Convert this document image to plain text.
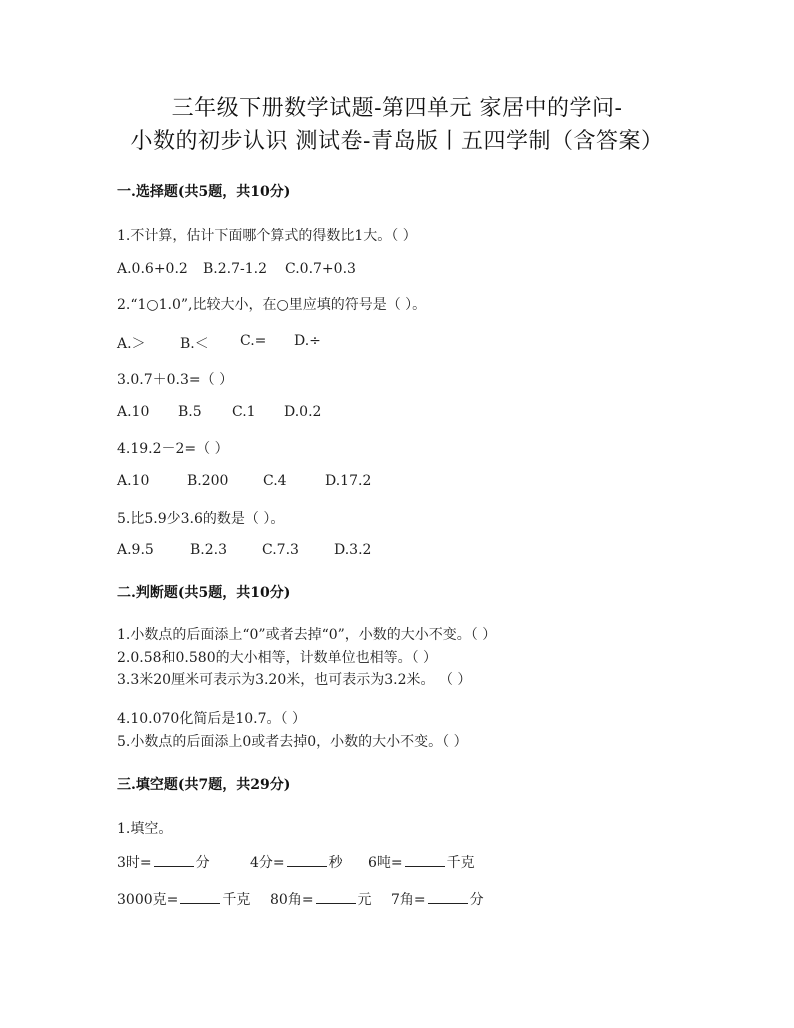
三年级下册数学试题-第四单元 家居中的学问-
小数的初步认识 测试卷-青岛版丨五四学制（含答案）
一.选择题(共5题，共10分)
1.不计算，估计下面哪个算式的得数比1大。（ ）
A.0.6+0.2 B.2.7-1.2 C.0.7+0.3
2.“1○1.0”,比较大小，在○里应填的符号是（ ）。
A.＞ B.＜ C.= D.÷
3.0.7＋0.3=（ ）
A.10 B.5 C.1 D.0.2
4.19.2－2=（ ）
A.10	B.200 C.4	D.17.2
5.比5.9少3.6的数是（ ）。
A.9.5	B.2.3 C.7.3	D.3.2
二.判断题(共5题，共10分)
1.小数点的后面添上“0”或者去掉“0”，小数的大小不变。（ ）
2.0.58和0.580的大小相等，计数单位也相等。（ ）
3.3米20厘米可表示为3.20米，也可表示为3.2米。 （ ）
4.10.070化简后是10.7。（ ）
5.小数点的后面添上0或者去掉0，小数的大小不变。（ ）
三.填空题(共7题，共29分)
1.填空。
3时=	分	4分=	秒 6吨=	千克
3000克=	千克 80角=	元 7角=	分
